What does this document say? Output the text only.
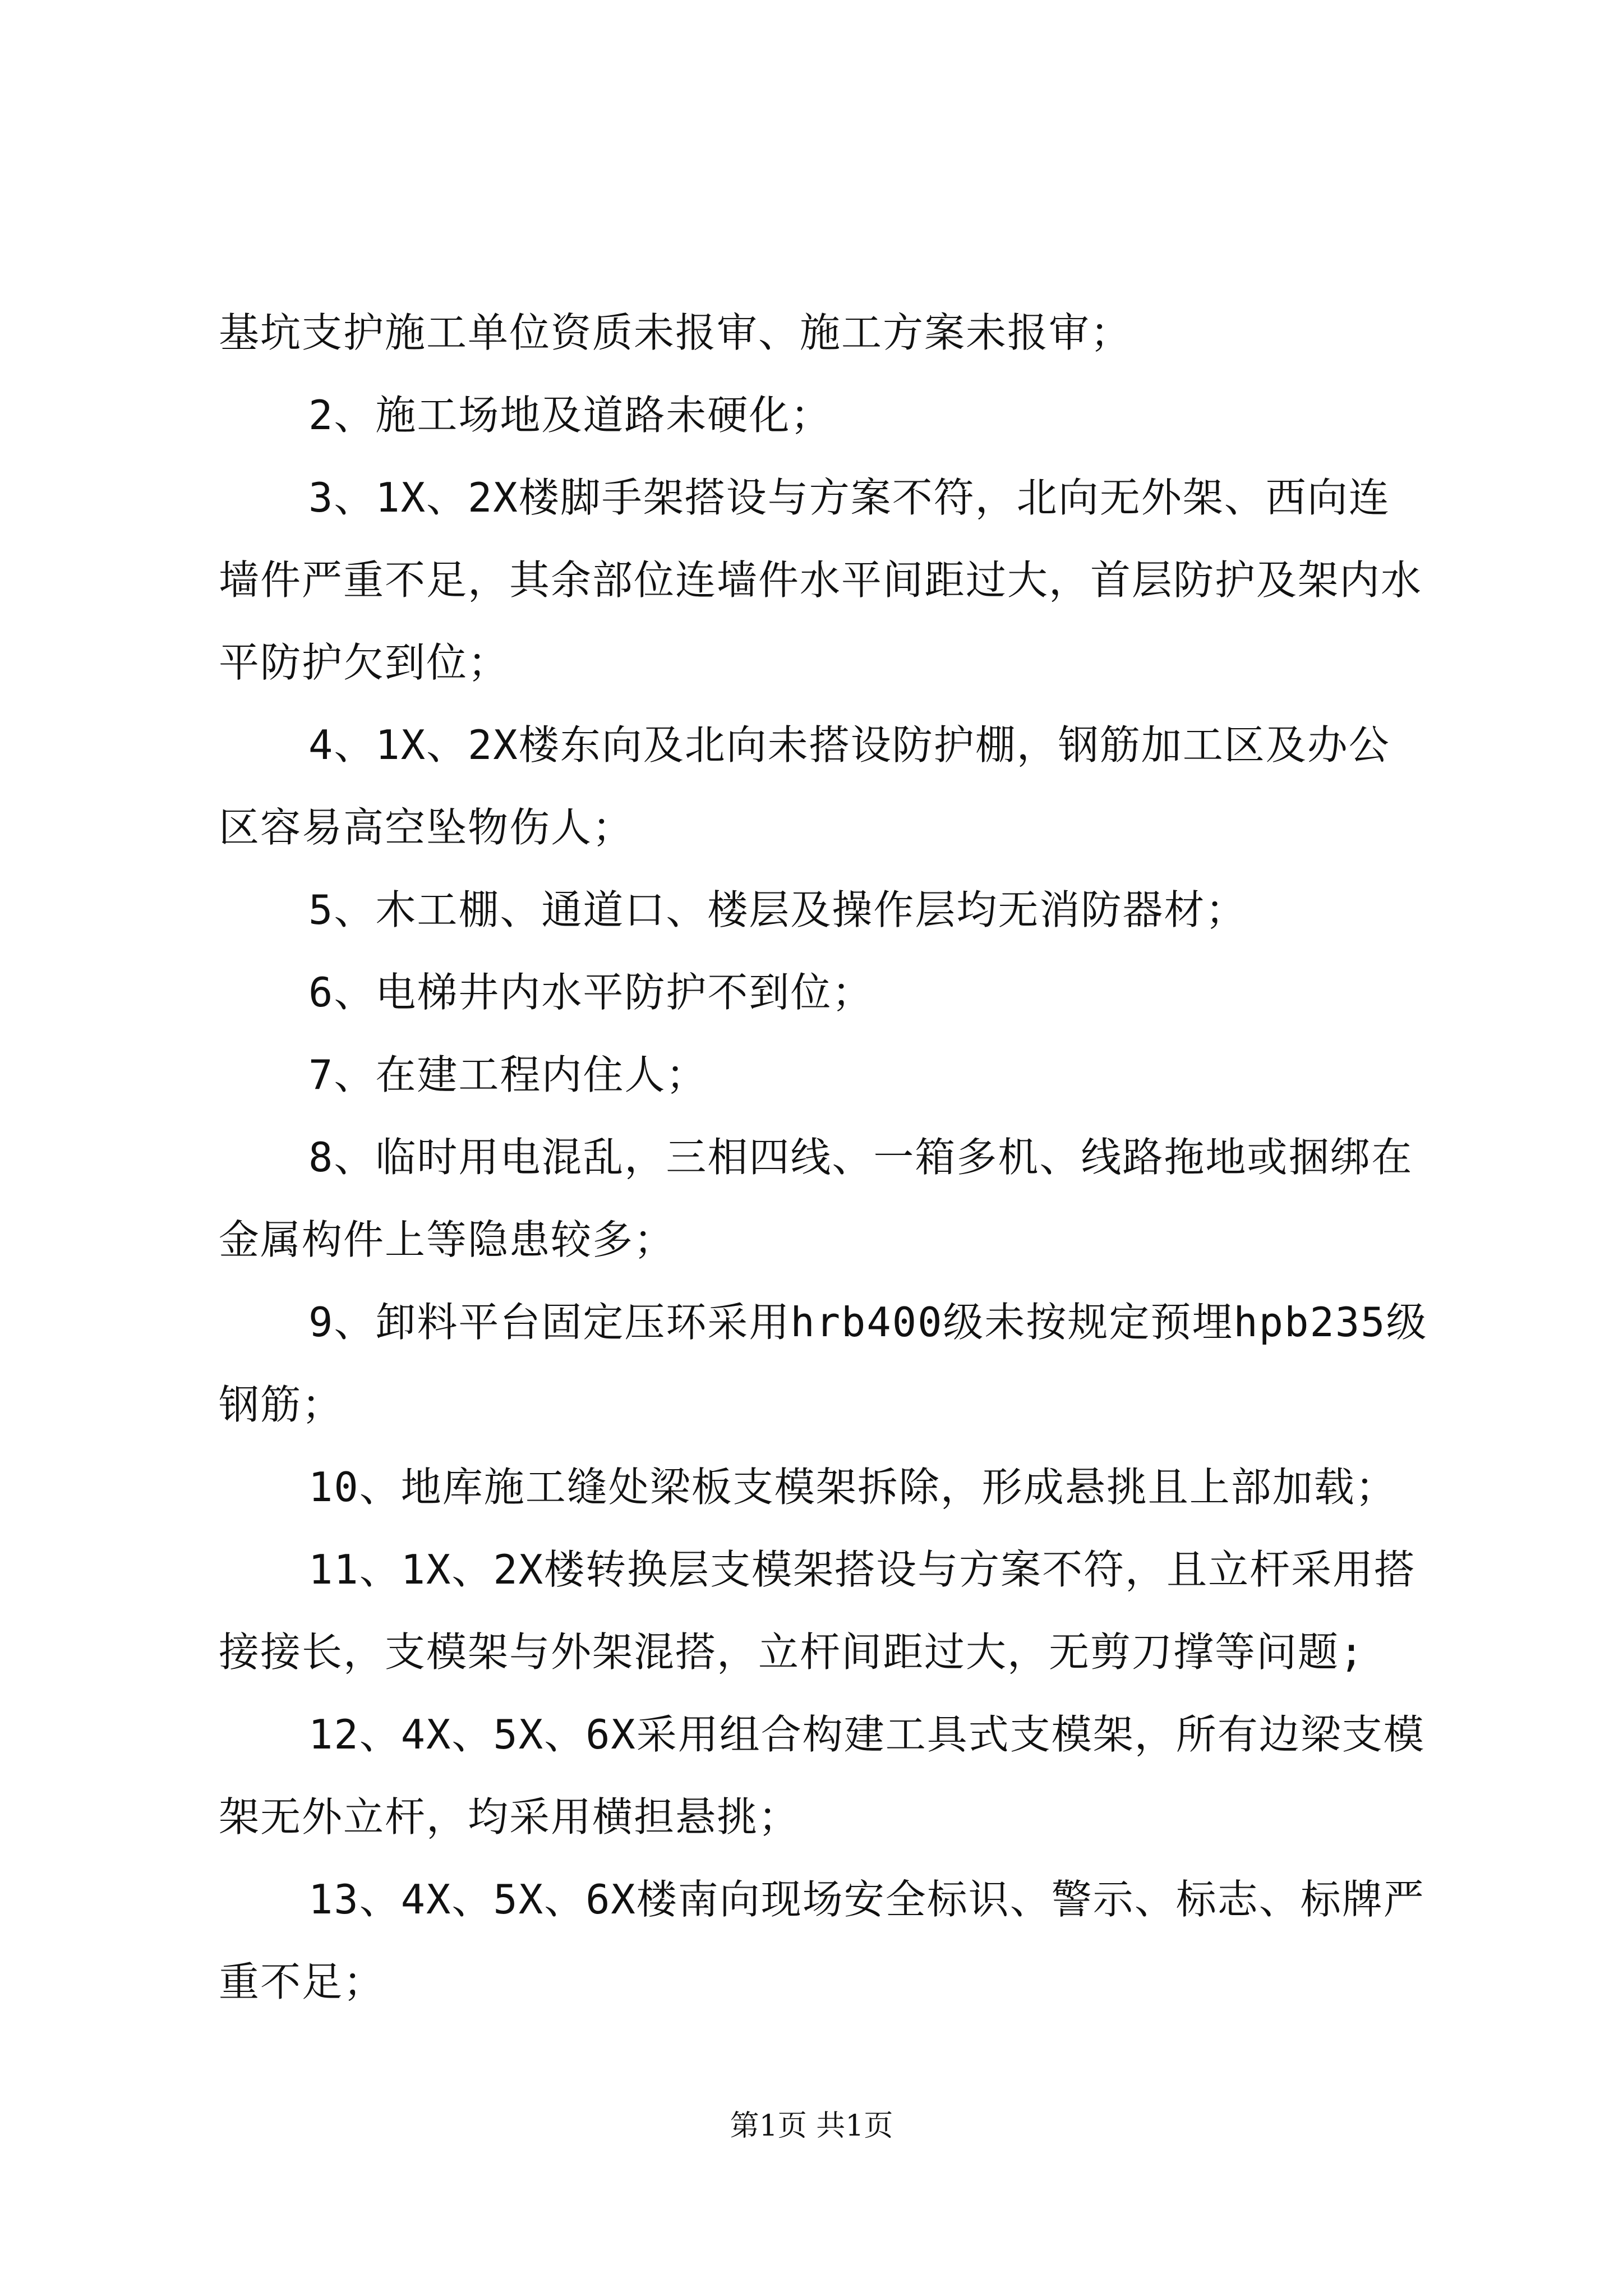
基坑支护施工单位资质未报审、施工方案未报审；

2、施工场地及道路未硬化；

3、1X、2X楼脚手架搭设与方案不符，北向无外架、西向连墙件严重不足，其余部位连墙件水平间距过大，首层防护及架内水平防护欠到位；

4、1X、2X楼东向及北向未搭设防护棚，钢筋加工区及办公区容易高空坠物伤人；

5、木工棚、通道口、楼层及操作层均无消防器材；

6、电梯井内水平防护不到位；

7、在建工程内住人；

8、临时用电混乱，三相四线、一箱多机、线路拖地或捆绑在金属构件上等隐患较多；

9、卸料平台固定压环采用hrb400级未按规定预埋hpb235级钢筋；

10、地库施工缝处梁板支模架拆除，形成悬挑且上部加载；

11、1X、2X楼转换层支模架搭设与方案不符，且立杆采用搭接接长，支模架与外架混搭，立杆间距过大，无剪刀撑等问题;

12、4X、5X、6X采用组合构建工具式支模架，所有边梁支模架无外立杆，均采用横担悬挑；

13、4X、5X、6X楼南向现场安全标识、警示、标志、标牌严重不足；

第1页 共1页
